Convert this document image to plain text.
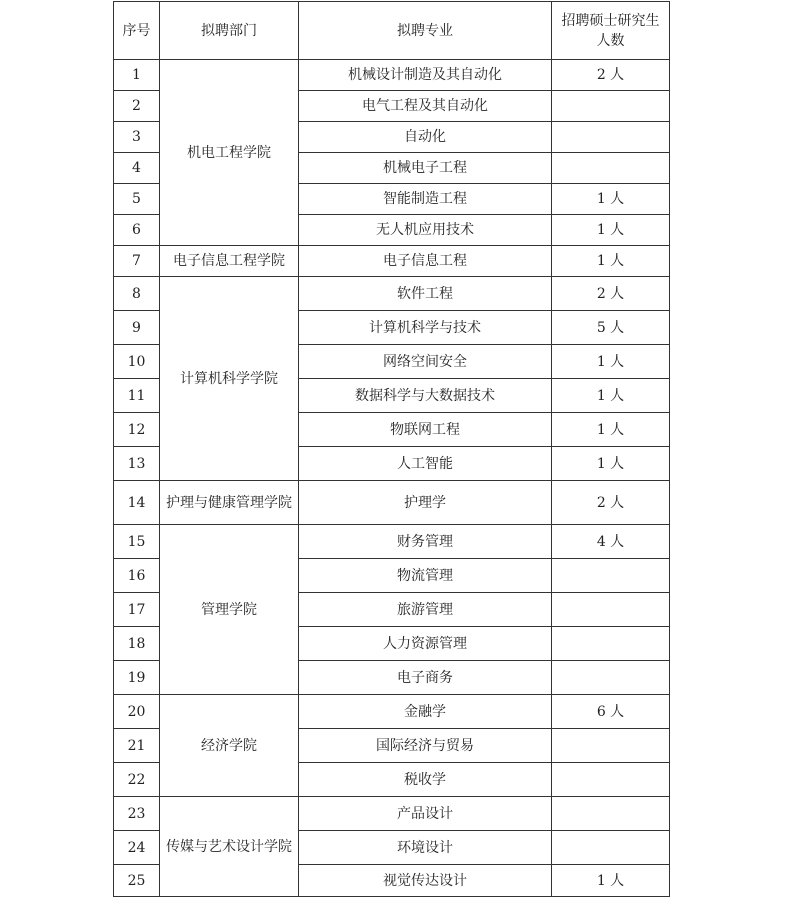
序号	拟聘部门	拟聘专业	招聘硕士研究生人数
1	机电工程学院	机械设计制造及其自动化	2 人
2		电气工程及其自动化	
3		自动化	
4		机械电子工程	
5		智能制造工程	1 人
6		无人机应用技术	1 人
7	电子信息工程学院	电子信息工程	1 人
8	计算机科学学院	软件工程	2 人
9		计算机科学与技术	5 人
10		网络空间安全	1 人
11		数据科学与大数据技术	1 人
12		物联网工程	1 人
13		人工智能	1 人
14	护理与健康管理学院	护理学	2 人
15	管理学院	财务管理	4 人
16		物流管理	
17		旅游管理	
18		人力资源管理	
19		电子商务	
20	经济学院	金融学	6 人
21		国际经济与贸易	
22		税收学	
23	传媒与艺术设计学院	产品设计	
24		环境设计	
25		视觉传达设计	1 人
